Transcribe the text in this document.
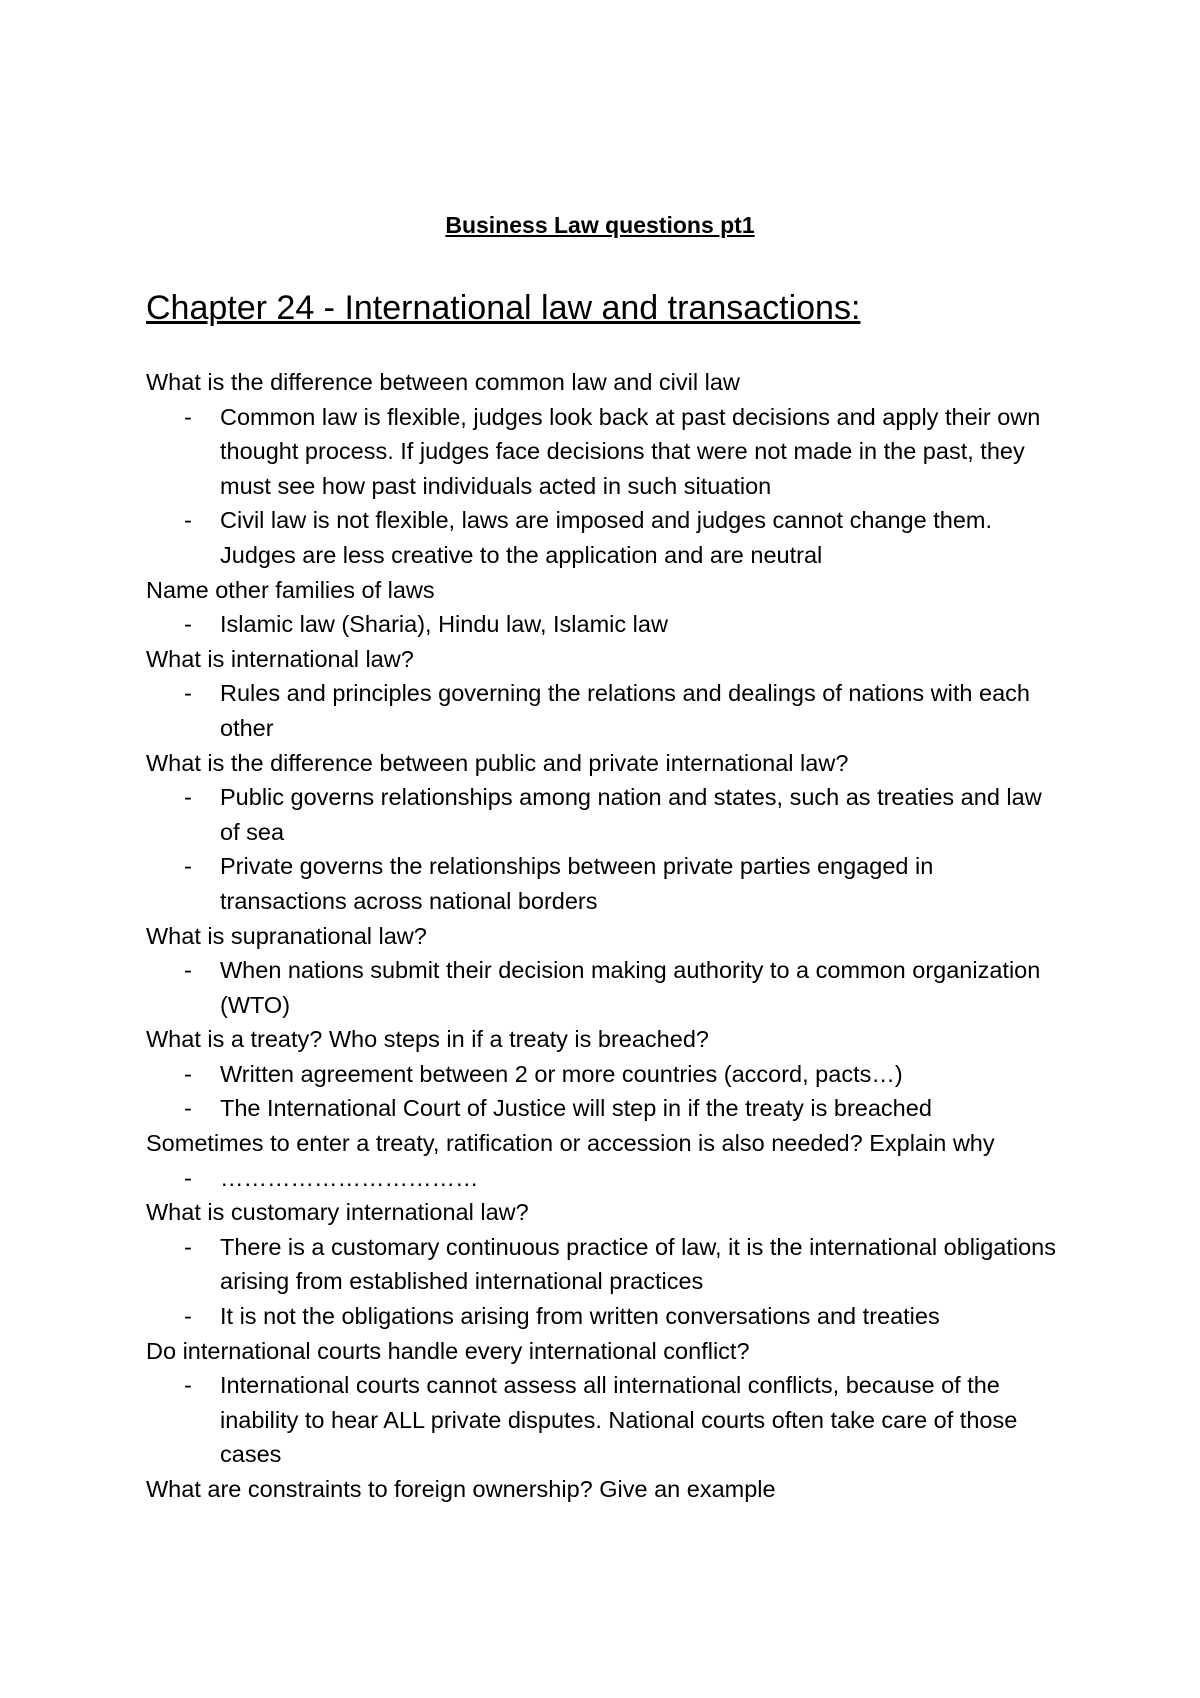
Business Law questions pt1
Chapter 24 - International law and transactions:
What is the difference between common law and civil law
- Common law is flexible, judges look back at past decisions and apply their own thought process. If judges face decisions that were not made in the past, they must see how past individuals acted in such situation
- Civil law is not flexible, laws are imposed and judges cannot change them. Judges are less creative to the application and are neutral
Name other families of laws
- Islamic law (Sharia), Hindu law, Islamic law
What is international law?
- Rules and principles governing the relations and dealings of nations with each other
What is the difference between public and private international law?
- Public governs relationships among nation and states, such as treaties and law of sea
- Private governs the relationships between private parties engaged in transactions across national borders
What is supranational law?
- When nations submit their decision making authority to a common organization (WTO)
What is a treaty? Who steps in if a treaty is breached?
- Written agreement between 2 or more countries (accord, pacts…)
- The International Court of Justice will step in if the treaty is breached
Sometimes to enter a treaty, ratification or accession is also needed? Explain why
- ……………………………
What is customary international law?
- There is a customary continuous practice of law, it is the international obligations arising from established international practices
- It is not the obligations arising from written conversations and treaties
Do international courts handle every international conflict?
- International courts cannot assess all international conflicts, because of the inability to hear ALL private disputes. National courts often take care of those cases
What are constraints to foreign ownership? Give an example
